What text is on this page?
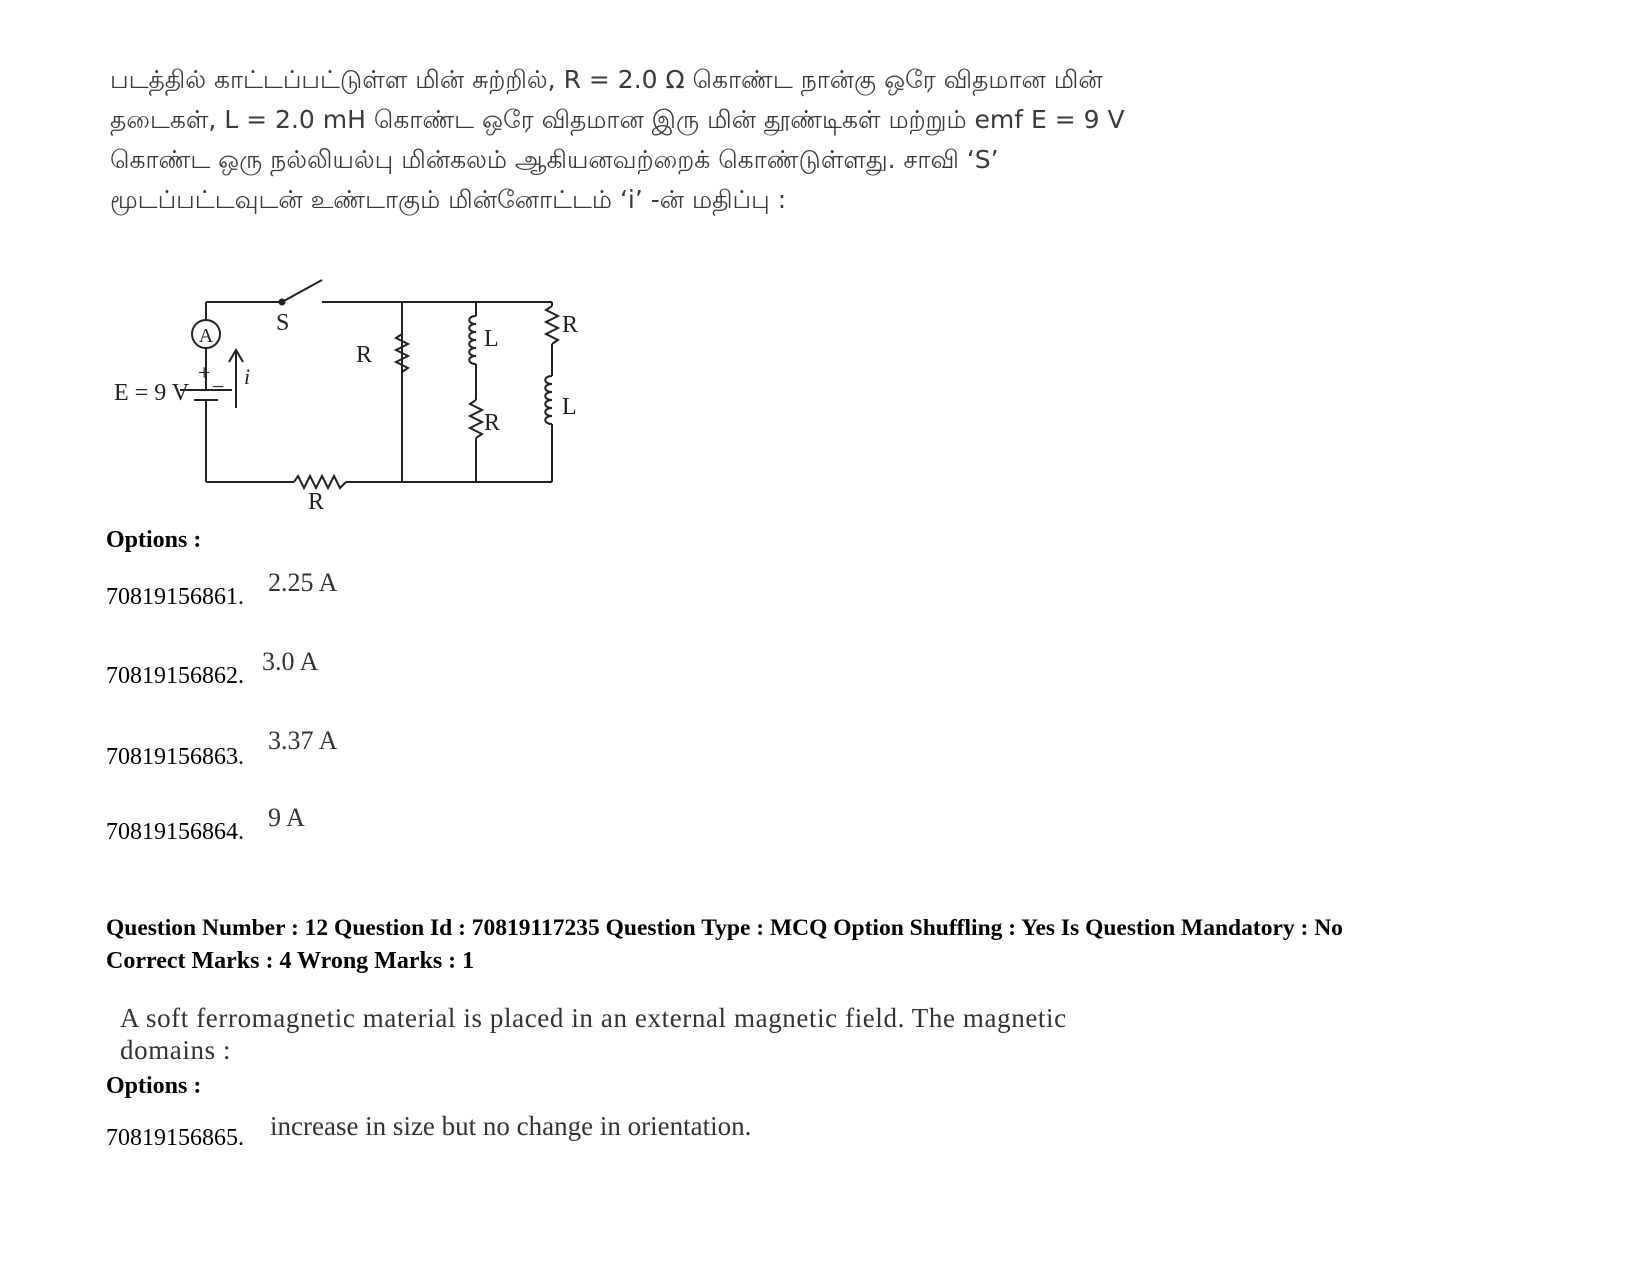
படத்தில் காட்டப்பட்டுள்ள மின் சுற்றில், R = 2.0 Ω கொண்ட நான்கு ஒரே விதமான மின்
தடைகள், L = 2.0 mH கொண்ட ஒரே விதமான இரு மின் தூண்டிகள் மற்றும் emf E = 9 V
கொண்ட ஒரு நல்லியல்பு மின்கலம் ஆகியனவற்றைக் கொண்டுள்ளது. சாவி ‘S’
மூடப்பட்டவுடன் உண்டாகும் மின்னோட்டம் ‘i’ -ன் மதிப்பு :
A	S
+
− i
E = 9 V
R
L
R
R
L
R
Options :
70819156861. 2.25 A
70819156862. 3.0 A
70819156863.
3.37 A
70819156864. 9 A
Question Number : 12 Question Id : 70819117235 Question Type : MCQ Option Shuffling : Yes Is Question Mandatory : No
Correct Marks : 4 Wrong Marks : 1
A soft ferromagnetic material is placed in an external magnetic field. The magnetic
domains :
Options :
70819156865. increase in size but no change in orientation.
